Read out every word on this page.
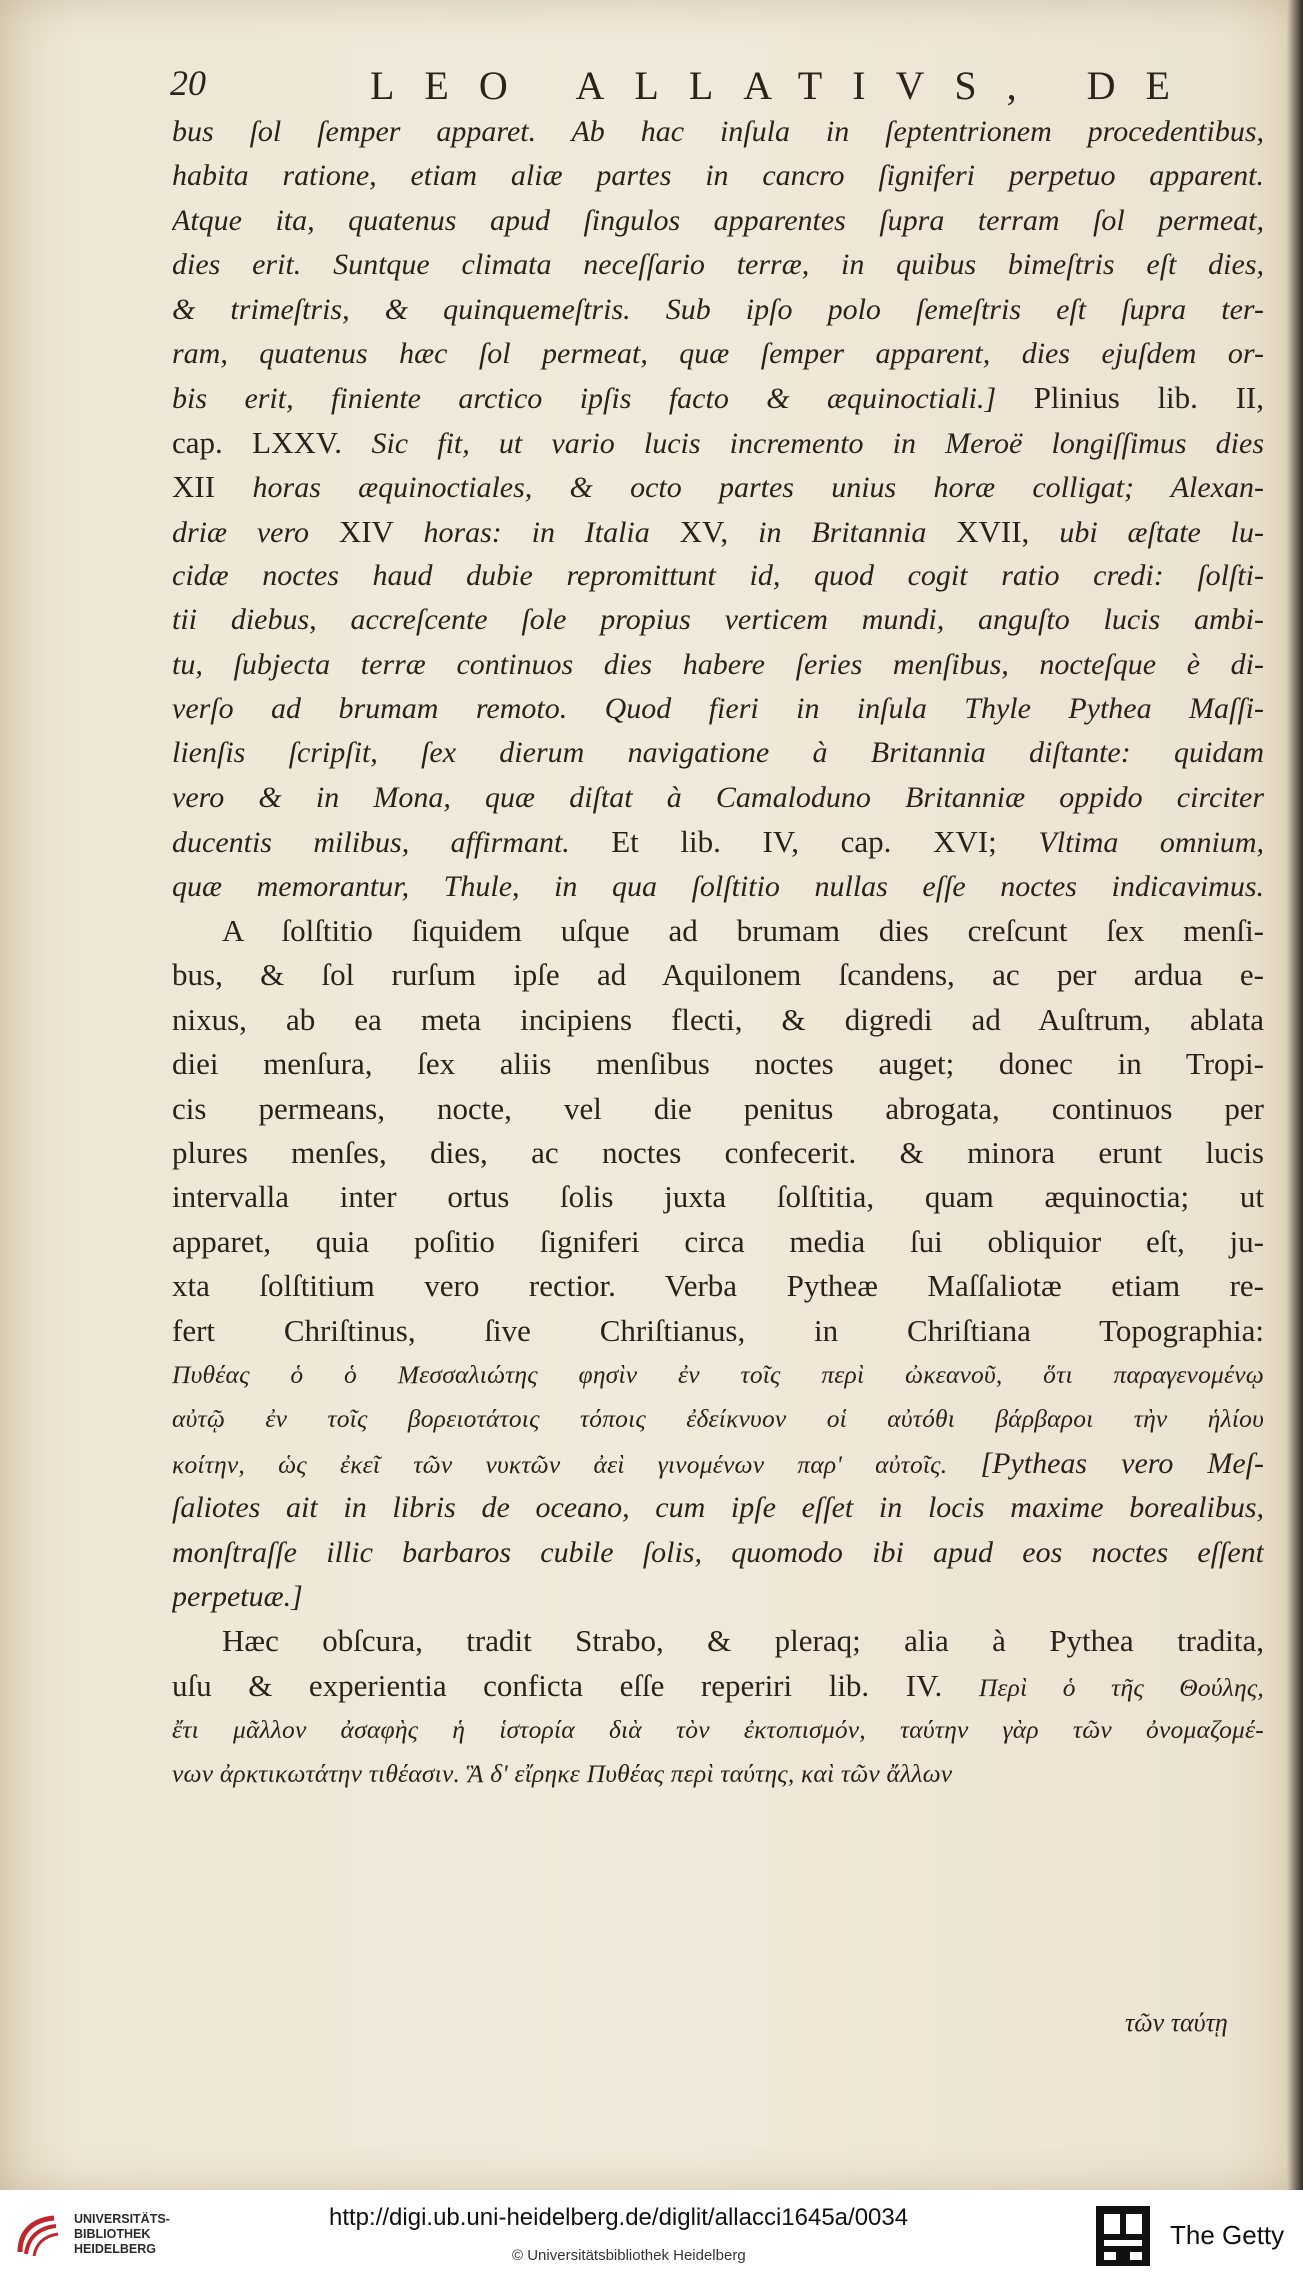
20	LEO ALLATIVS, DE
bus ſol ſemper apparet. Ab hac inſula in ſeptentrionem procedentibus,
habita ratione, etiam aliæ partes in cancro ſigniferi perpetuo apparent.
Atque ita, quatenus apud ſingulos apparentes ſupra terram ſol permeat,
dies erit. Suntque climata neceſſario terræ, in quibus bimeſtris eſt dies,
& trimeſtris, & quinquemeſtris. Sub ipſo polo ſemeſtris eſt ſupra ter-
ram, quatenus hæc ſol permeat, quæ ſemper apparent, dies ejuſdem or-
bis erit, finiente arctico ipſis facto & æquinoctiali.] Plinius lib. II,
cap. LXXV. Sic fit, ut vario lucis incremento in Meroë longiſſimus dies
XII horas æquinoctiales, & octo partes unius horæ colligat; Alexan-
driæ vero XIV horas: in Italia XV, in Britannia XVII, ubi æſtate lu-
cidæ noctes haud dubie repromittunt id, quod cogit ratio credi: ſolſti-
tii diebus, accreſcente ſole propius verticem mundi, anguſto lucis ambi-
tu, ſubjecta terræ continuos dies habere ſeries menſibus, nocteſque è di-
verſo ad brumam remoto. Quod fieri in inſula Thyle Pythea Maſſi-
lienſis ſcripſit, ſex dierum navigatione à Britannia diſtante: quidam
vero & in Mona, quæ diſtat à Camaloduno Britanniæ oppido circiter
ducentis milibus, affirmant. Et lib. IV, cap. XVI; Vltima omnium,
quæ memorantur, Thule, in qua ſolſtitio nullas eſſe noctes indicavimus.
A ſolſtitio ſiquidem uſque ad brumam dies creſcunt ſex menſi-
bus, & ſol rurſum ipſe ad Aquilonem ſcandens, ac per ardua e-
nixus, ab ea meta incipiens flecti, & digredi ad Auſtrum, ablata
diei menſura, ſex aliis menſibus noctes auget; donec in Tropi-
cis permeans, nocte, vel die penitus abrogata, continuos per
plures menſes, dies, ac noctes confecerit. & minora erunt lucis
intervalla inter ortus ſolis juxta ſolſtitia, quam æquinoctia; ut
apparet, quia poſitio ſigniferi circa media ſui obliquior eſt, ju-
xta ſolſtitium vero rectior. Verba Pytheæ Maſſaliotæ etiam re-
fert Chriſtinus, ſive Chriſtianus, in Chriſtiana Topographia:
Πυθέας ὁ ὁ Μεσσαλιώτης φησὶν ἐν τοῖς περὶ ὠκεανοῦ, ὅτι παραγενομένῳ
αὐτῷ ἐν τοῖς βορειοτάτοις τόποις ἐδείκνυον οἱ αὐτόθι βάρβαροι τὴν ἡλίου
κοίτην, ὡς ἐκεῖ τῶν νυκτῶν ἀεὶ γινομένων παρ' αὐτοῖς. [Pytheas vero Meſ-
ſaliotes ait in libris de oceano, cum ipſe eſſet in locis maxime borealibus,
monſtraſſe illic barbaros cubile ſolis, quomodo ibi apud eos noctes eſſent
perpetuæ.]
Hæc obſcura, tradit Strabo, & pleraq; alia à Pythea tradita,
uſu & experientia conficta eſſe reperiri lib. IV. Περὶ ὁ τῆς Θούλης,
ἔτι μᾶλλον ἀσαφὴς ἡ ἱστορία διὰ τὸν ἐκτοπισμόν, ταύτην γὰρ τῶν ὀνομαζομέ-
νων ἀρκτικωτάτην τιθέασιν. Ἃ δ' εἴρηκε Πυθέας περὶ ταύτης, καὶ τῶν ἄλλων
τῶν ταύτῃ
UNIVERSITÄTS-
BIBLIOTHEK
HEIDELBERG
http://digi.ub.uni-heidelberg.de/diglit/allacci1645a/0034
© Universitätsbibliothek Heidelberg
The Getty
